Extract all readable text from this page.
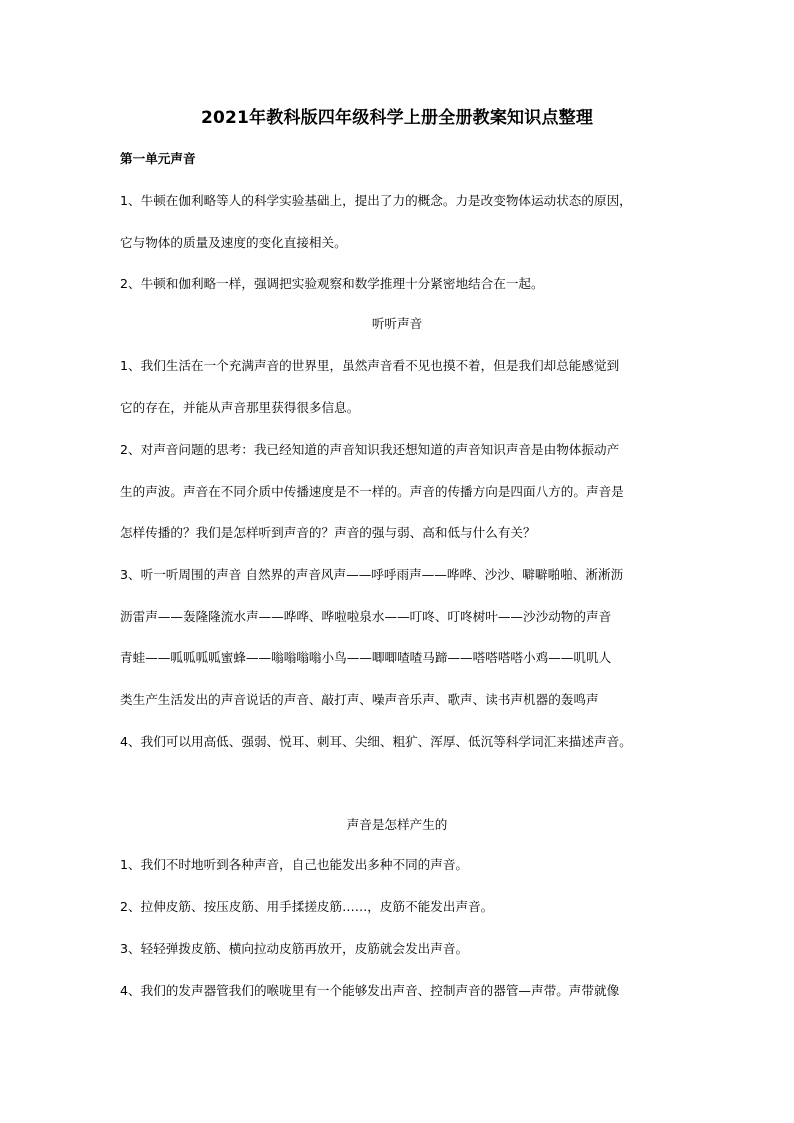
2021年教科版四年级科学上册全册教案知识点整理
第一单元声音
1、牛顿在伽利略等人的科学实验基础上，提出了力的概念。力是改变物体运动状态的原因，
它与物体的质量及速度的变化直接相关。
2、牛顿和伽利略一样，强调把实验观察和数学推理十分紧密地结合在一起。
听听声音
1、我们生活在一个充满声音的世界里，虽然声音看不见也摸不着，但是我们却总能感觉到
它的存在，并能从声音那里获得很多信息。
2、对声音问题的思考：我已经知道的声音知识我还想知道的声音知识声音是由物体振动产
生的声波。声音在不同介质中传播速度是不一样的。声音的传播方向是四面八方的。声音是
怎样传播的？我们是怎样听到声音的？声音的强与弱、高和低与什么有关？
3、听一听周围的声音 自然界的声音风声——呼呼雨声——哗哗、沙沙、噼噼啪啪、淅淅沥
沥雷声——轰隆隆流水声——哗哗、哗啦啦泉水——叮咚、叮咚树叶——沙沙动物的声音
青蛙——呱呱呱呱蜜蜂——嗡嗡嗡嗡小鸟——唧唧喳喳马蹄——嗒嗒嗒嗒小鸡——叽叽人
类生产生活发出的声音说话的声音、敲打声、噪声音乐声、歌声、读书声机器的轰鸣声
4、我们可以用高低、强弱、悦耳、刺耳、尖细、粗犷、浑厚、低沉等科学词汇来描述声音。
声音是怎样产生的
1、我们不时地听到各种声音，自己也能发出多种不同的声音。
2、拉伸皮筋、按压皮筋、用手揉搓皮筋……，皮筋不能发出声音。
3、轻轻弹拨皮筋、横向拉动皮筋再放开，皮筋就会发出声音。
4、我们的发声器管我们的喉咙里有一个能够发出声音、控制声音的器管—声带。声带就像
